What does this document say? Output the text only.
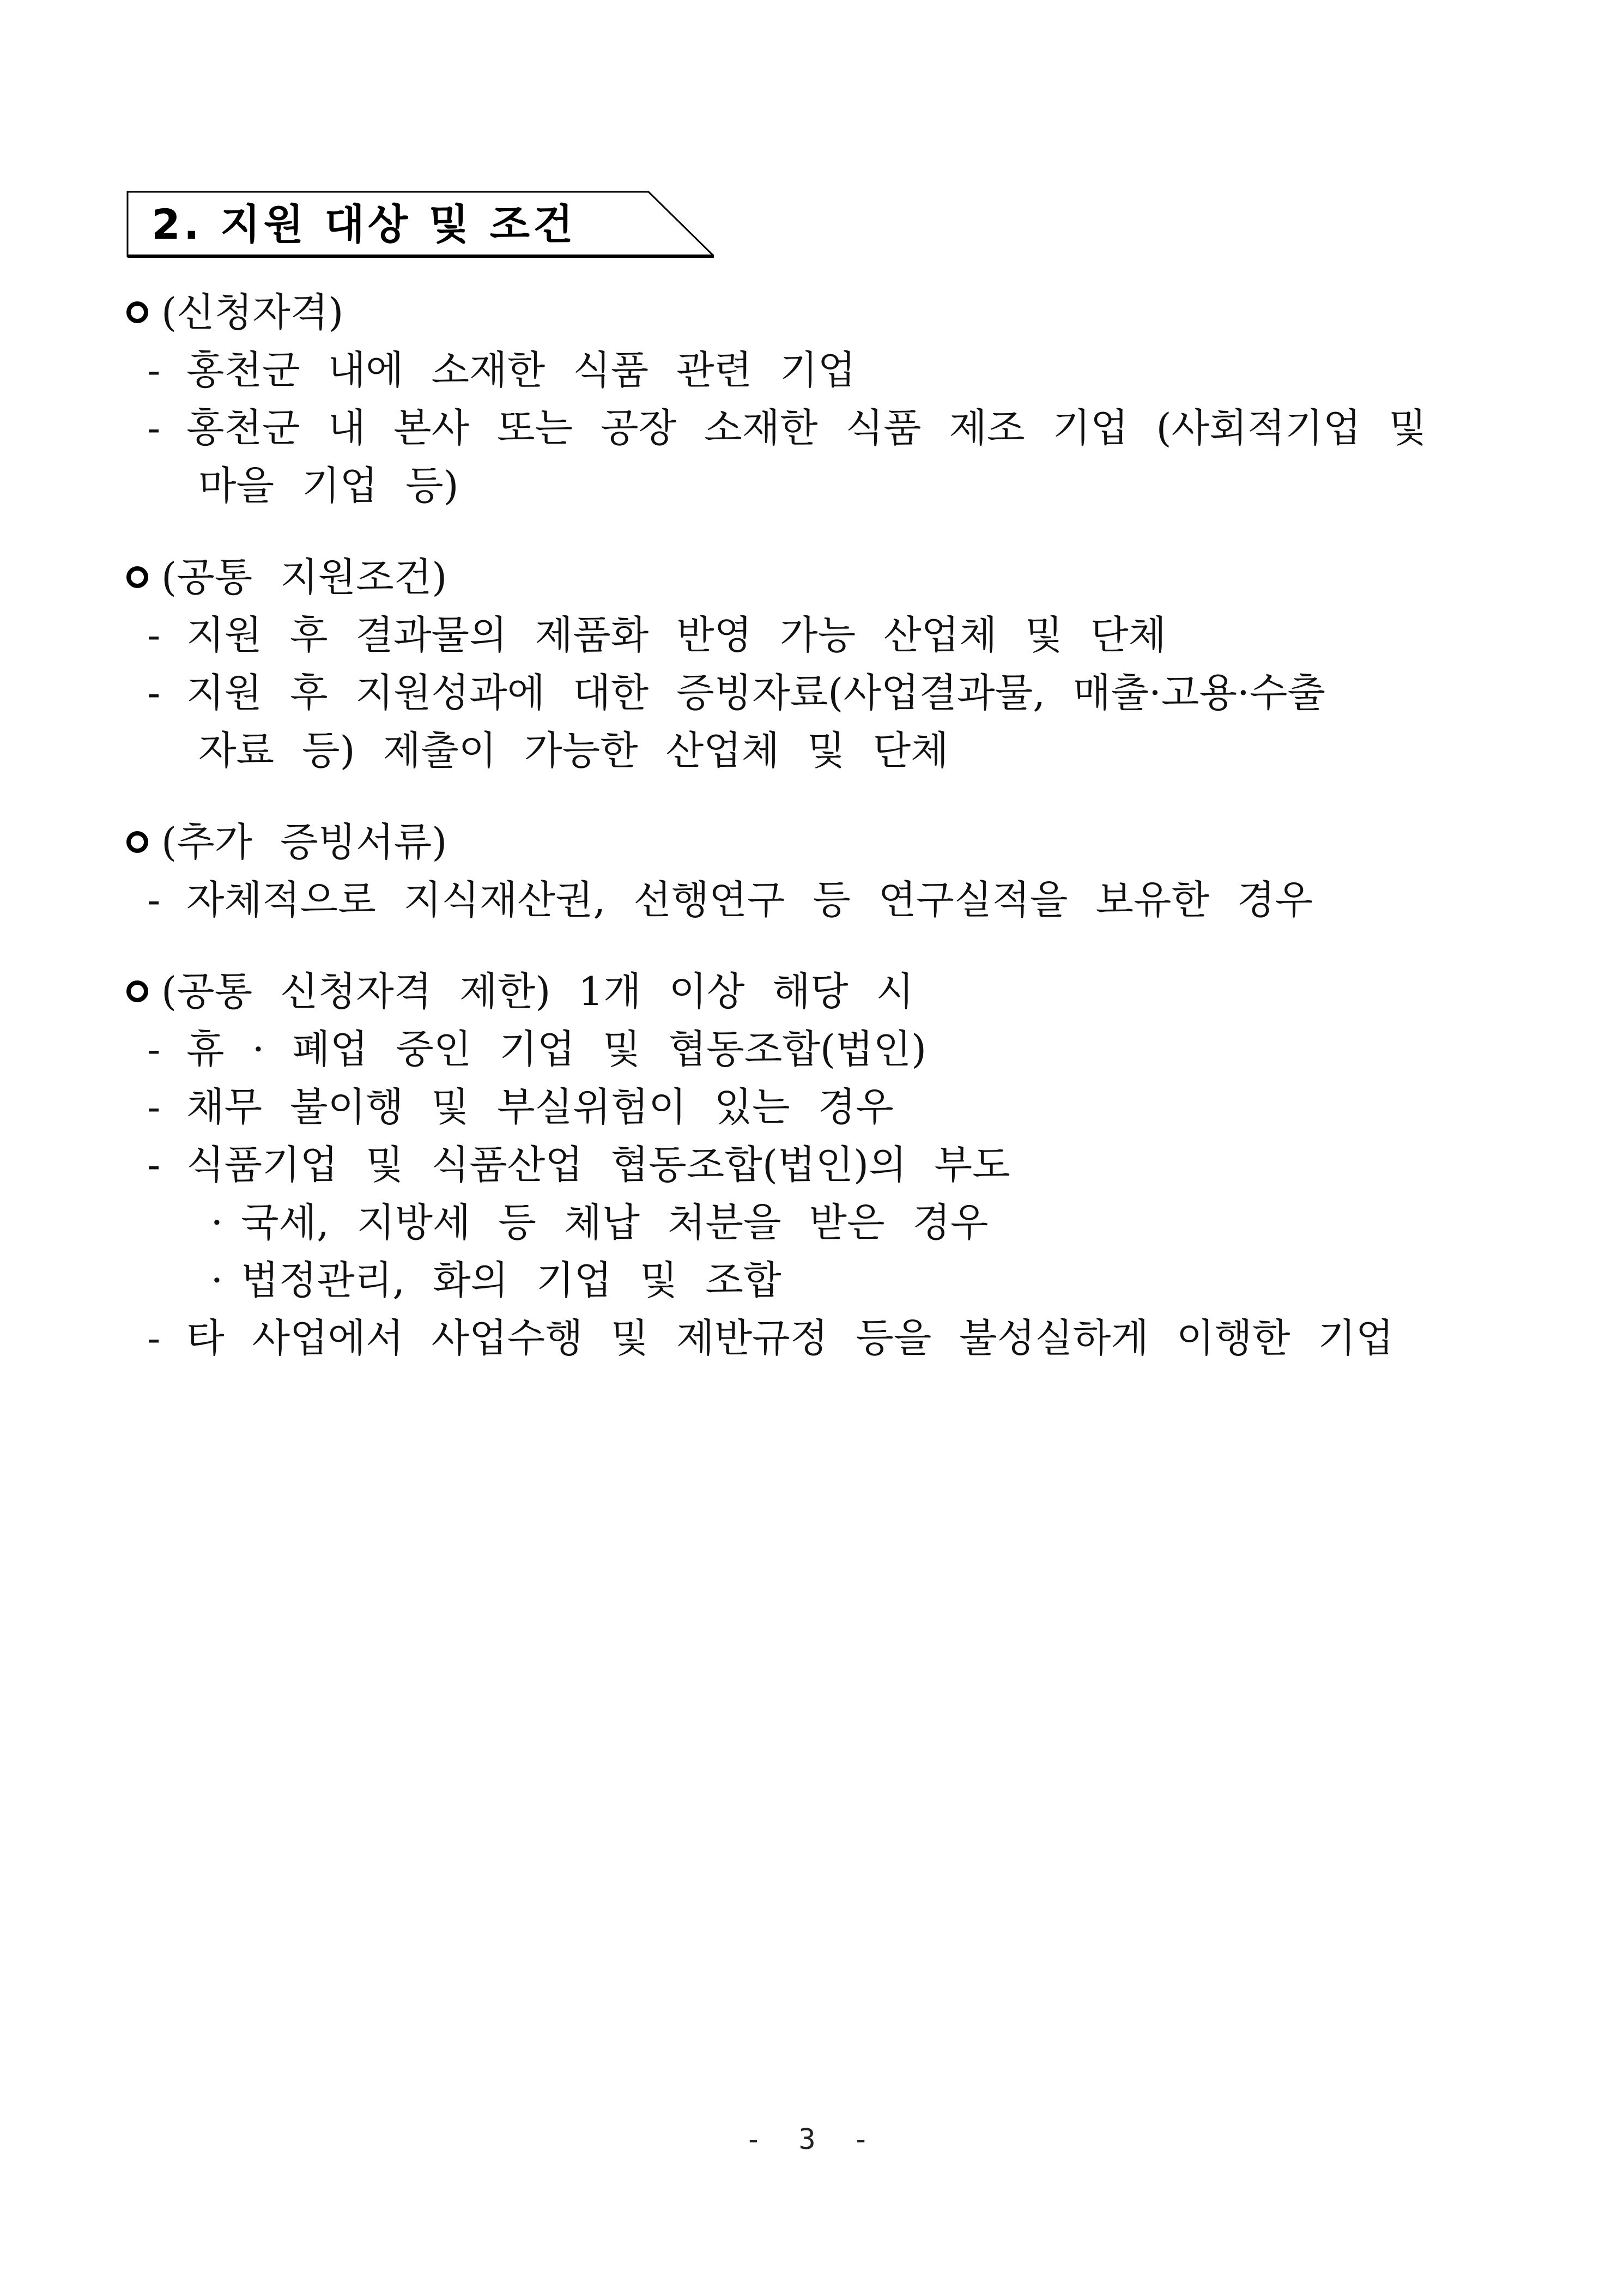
2. 지원 대상 및 조건
(신청자격)
- 홍천군 내에 소재한 식품 관련 기업
- 홍천군 내 본사 또는 공장 소재한 식품 제조 기업 (사회적기업 및
마을 기업 등)
(공통 지원조건)
- 지원 후 결과물의 제품화 반영 가능 산업체 및 단체
- 지원 후 지원성과에 대한 증빙자료(사업결과물, 매출·고용·수출
자료 등) 제출이 가능한 산업체 및 단체
(추가 증빙서류)
- 자체적으로 지식재산권, 선행연구 등 연구실적을 보유한 경우
(공통 신청자격 제한) 1개 이상 해당 시
- 휴 · 폐업 중인 기업 및 협동조합(법인)
- 채무 불이행 및 부실위험이 있는 경우
- 식품기업 및 식품산업 협동조합(법인)의 부도
· 국세, 지방세 등 체납 처분을 받은 경우
· 법정관리, 화의 기업 및 조합
- 타 사업에서 사업수행 및 제반규정 등을 불성실하게 이행한 기업
- 3 -
